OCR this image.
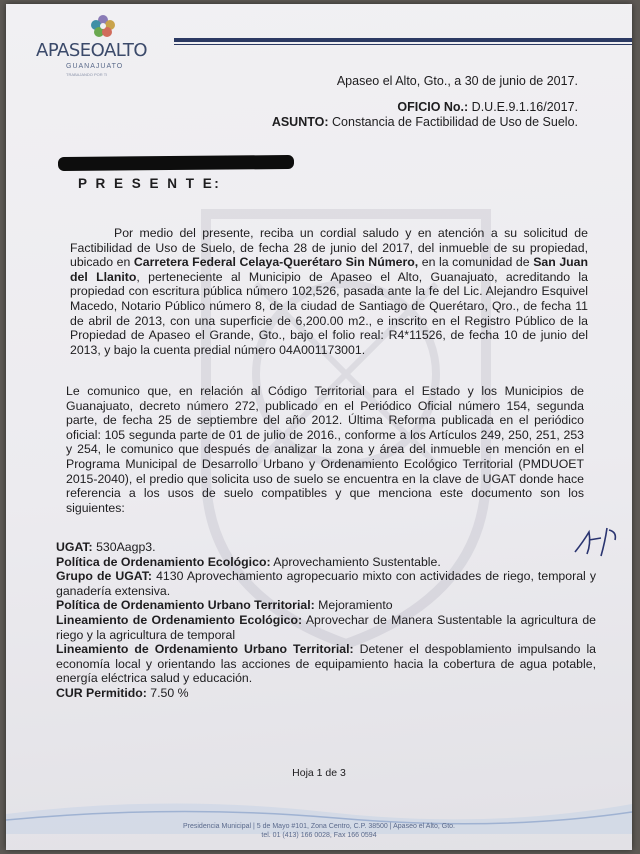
APASEOALTO
GUANAJUATO
TRABAJANDO POR TI	Apaseo el Alto, Gto., a 30 de junio de 2017.
OFICIO No.: D.U.E.9.1.16/2017.
ASUNTO: Constancia de Factibilidad de Uso de Suelo.
P R E S E N T E:
Por medio del presente, reciba un cordial saludo y en atención a su solicitud de Factibilidad de Uso de Suelo, de fecha 28 de junio del 2017, del inmueble de su propiedad, ubicado en Carretera Federal Celaya-Querétaro Sin Número, en la comunidad de San Juan del Llanito, perteneciente al Municipio de Apaseo el Alto, Guanajuato, acreditando la propiedad con escritura pública número 102,526, pasada ante la fe del Lic. Alejandro Esquivel Macedo, Notario Público número 8, de la ciudad de Santiago de Querétaro, Qro., de fecha 11 de abril de 2013, con una superficie de 6,200.00 m2., e inscrito en el Registro Público de la Propiedad de Apaseo el Grande, Gto., bajo el folio real: R4*11526, de fecha 10 de junio del 2013, y bajo la cuenta predial número 04A001173001.
Le comunico que, en relación al Código Territorial para el Estado y los Municipios de Guanajuato, decreto número 272, publicado en el Periódico Oficial número 154, segunda parte, de fecha 25 de septiembre del año 2012. Última Reforma publicada en el periódico oficial: 105 segunda parte de 01 de julio de 2016., conforme a los Artículos 249, 250, 251, 253 y 254, le comunico que después de analizar la zona y área del inmueble en mención en el Programa Municipal de Desarrollo Urbano y Ordenamiento Ecológico Territorial (PMDUOET 2015-2040), el predio que solicita uso de suelo se encuentra en la clave de UGAT donde hace referencia a los usos de suelo compatibles y que menciona este documento son los siguientes:
UGAT: 530Aagp3.
Política de Ordenamiento Ecológico: Aprovechamiento Sustentable.
Grupo de UGAT: 4130 Aprovechamiento agropecuario mixto con actividades de riego, temporal y ganadería extensiva.
Política de Ordenamiento Urbano Territorial: Mejoramiento
Lineamiento de Ordenamiento Ecológico: Aprovechar de Manera Sustentable la agricultura de riego y la agricultura de temporal
Lineamiento de Ordenamiento Urbano Territorial: Detener el despoblamiento impulsando la economía local y orientando las acciones de equipamiento hacia la cobertura de agua potable, energía eléctrica salud y educación.
CUR Permitido: 7.50 %
Hoja 1 de 3
Presidencia Municipal | 5 de Mayo #101, Zona Centro, C.P. 38500 | Apaseo el Alto, Gto.
tel. 01 (413) 166 0028, Fax 166 0594
